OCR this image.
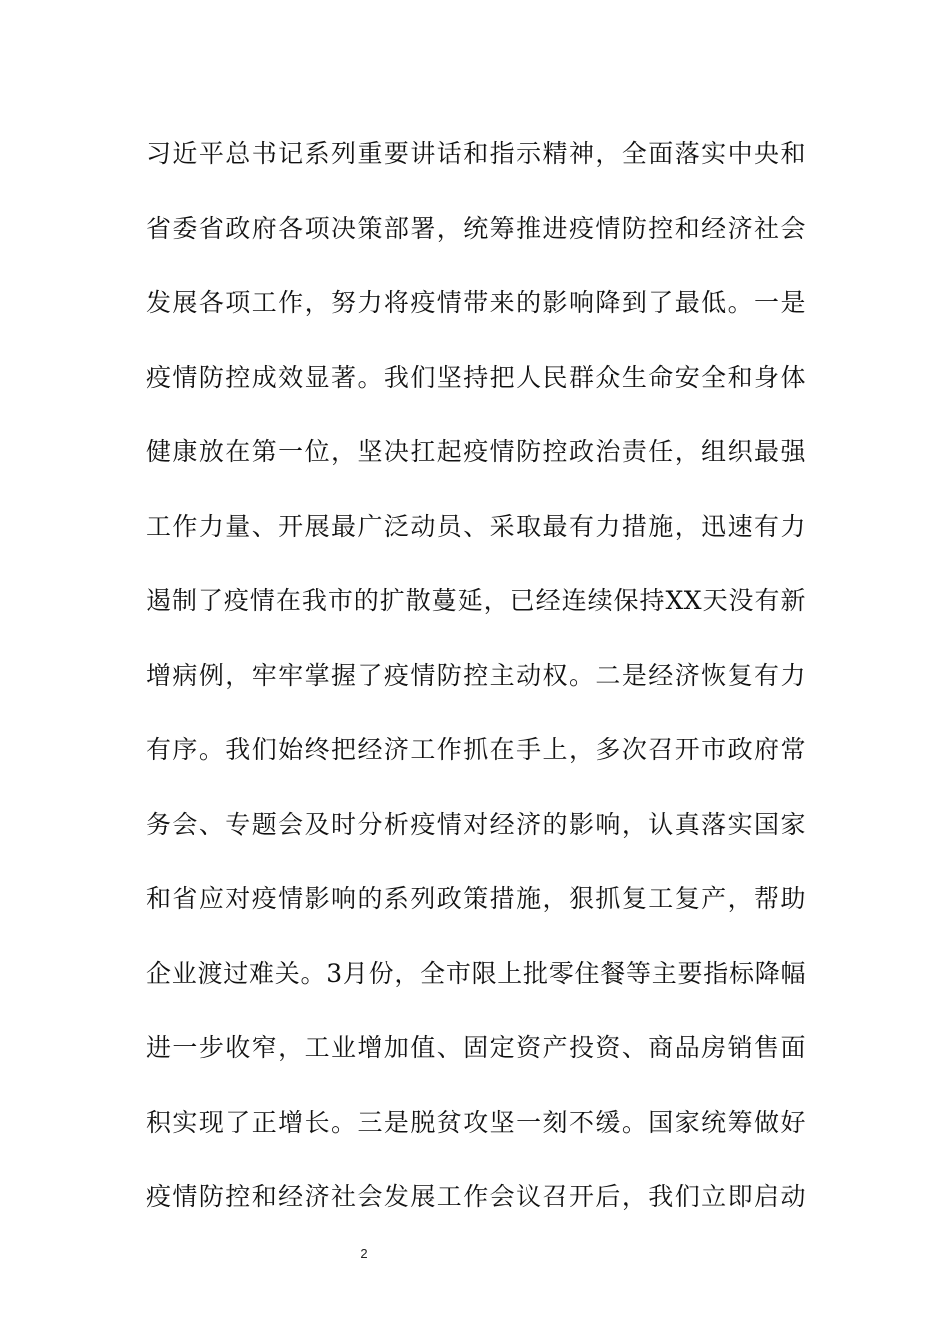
习近平总书记系列重要讲话和指示精神，全面落实中央和
省委省政府各项决策部署，统筹推进疫情防控和经济社会
发展各项工作，努力将疫情带来的影响降到了最低。一是
疫情防控成效显著。我们坚持把人民群众生命安全和身体
健康放在第一位，坚决扛起疫情防控政治责任，组织最强
工作力量、开展最广泛动员、采取最有力措施，迅速有力
遏制了疫情在我市的扩散蔓延，已经连续保持XX天没有新
增病例，牢牢掌握了疫情防控主动权。二是经济恢复有力
有序。我们始终把经济工作抓在手上，多次召开市政府常
务会、专题会及时分析疫情对经济的影响，认真落实国家
和省应对疫情影响的系列政策措施，狠抓复工复产，帮助
企业渡过难关。3月份，全市限上批零住餐等主要指标降幅
进一步收窄，工业增加值、固定资产投资、商品房销售面
积实现了正增长。三是脱贫攻坚一刻不缓。国家统筹做好
疫情防控和经济社会发展工作会议召开后，我们立即启动
2
